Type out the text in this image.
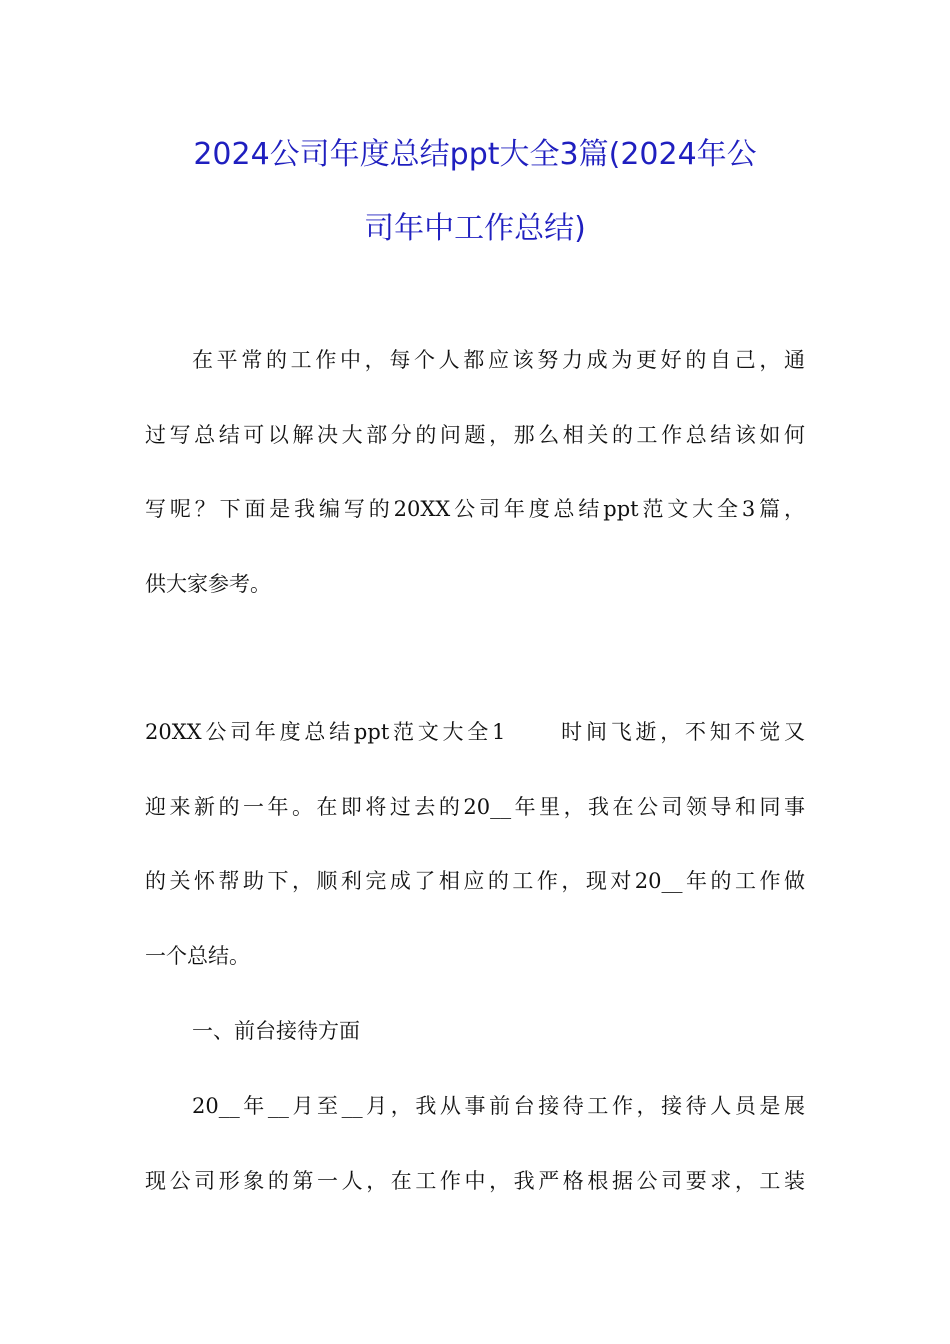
2024公司年度总结ppt大全3篇(2024年公
司年中工作总结)
在平常的工作中，每个人都应该努力成为更好的自己，通
过写总结可以解决大部分的问题，那么相关的工作总结该如何
写呢？下面是我编写的20XX公司年度总结ppt范文大全3篇，
供大家参考。
20XX公司年度总结ppt范文大全1 时间飞逝，不知不觉又
迎来新的一年。在即将过去的20__年里，我在公司领导和同事
的关怀帮助下，顺利完成了相应的工作，现对20__年的工作做
一个总结。
一、前台接待方面
20__年__月至__月，我从事前台接待工作，接待人员是展
现公司形象的第一人，在工作中，我严格根据公司要求，工装
